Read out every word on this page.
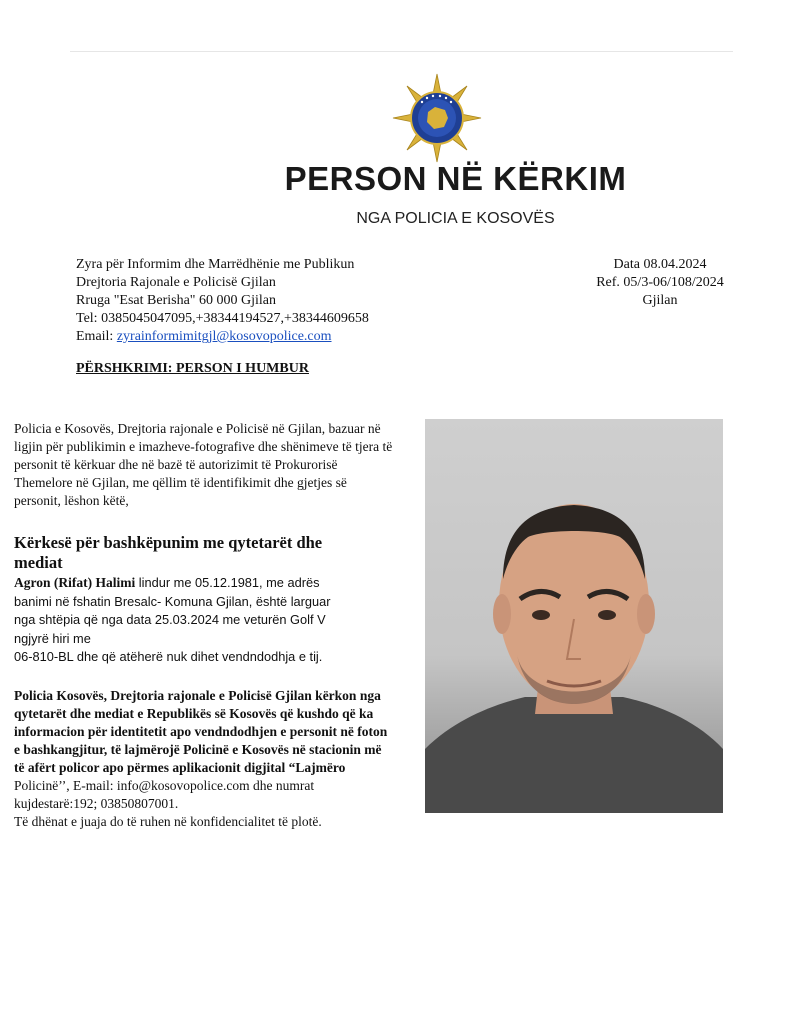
PERSON NË KËRKIM
NGA POLICIA E KOSOVËS
Zyra për Informim dhe Marrëdhënie me Publikun
Drejtoria Rajonale e Policisë Gjilan
Rruga "Esat Berisha" 60 000 Gjilan
Tel: 0385045047095,+38344194527,+38344609658
Email: zyrainformimitgjl@kosovopolice.com
Data 08.04.2024
Ref. 05/3-06/108/2024
Gjilan
PËRSHKRIMI: PERSON I HUMBUR
Policia e Kosovës, Drejtoria rajonale e Policisë në Gjilan, bazuar në ligjin për publikimin e imazheve-fotografive dhe shënimeve të tjera të personit të kërkuar dhe në bazë të autorizimit të Prokurorisë Themelore në Gjilan, me qëllim të identifikimit dhe gjetjes së personit, lëshon këtë,
Kërkesë për bashkëpunim me qytetarët dhe mediat
Agron (Rifat) Halimi lindur me 05.12.1981, me adrës
banimi në fshatin Bresalc- Komuna Gjilan, është larguar
nga shtëpia që nga data 25.03.2024 me veturën Golf V
ngjyrë hiri me
06-810-BL dhe që atëherë nuk dihet vendndodhja e tij.
Policia Kosovës, Drejtoria rajonale e Policisë Gjilan kërkon nga qytetarët dhe mediat e Republikës së Kosovës që kushdo që ka informacion për identitetit apo vendndodhjen e personit në foton e bashkangjitur, të lajmërojë Policinë e Kosovës në stacionin më të afërt policor apo përmes aplikacionit digjital “Lajmëro Policinë’’, E-mail: info@kosovopolice.com dhe numrat kujdestarë:192; 03850807001.
Të dhënat e juaja do të ruhen në konfidencialitet të plotë.
